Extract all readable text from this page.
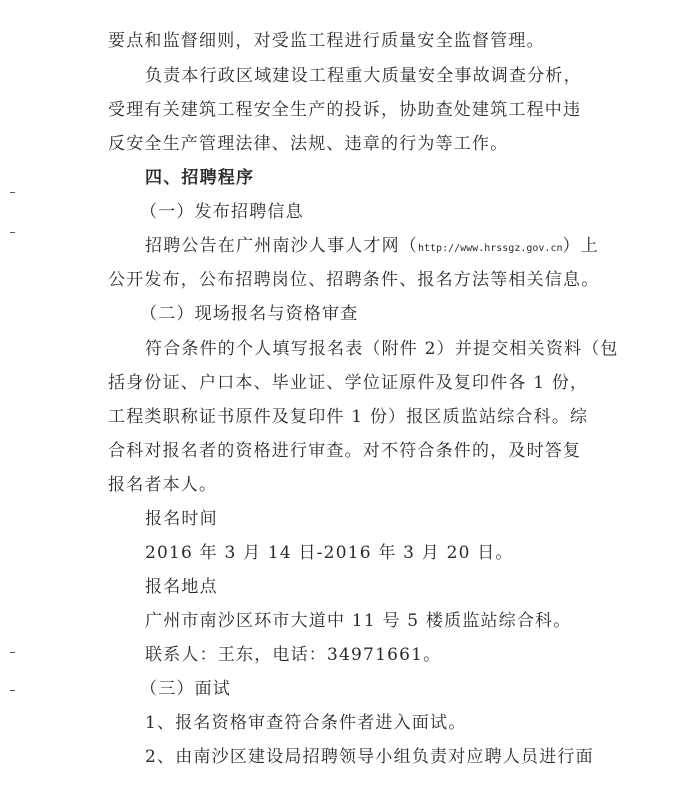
要点和监督细则，对受监工程进行质量安全监督管理。
负责本行政区域建设工程重大质量安全事故调查分析，
受理有关建筑工程安全生产的投诉，协助查处建筑工程中违
反安全生产管理法律、法规、违章的行为等工作。
四、招聘程序
（一）发布招聘信息
招聘公告在广州南沙人事人才网（http://www.hrssgz.gov.cn）上
公开发布，公布招聘岗位、招聘条件、报名方法等相关信息。
（二）现场报名与资格审查
符合条件的个人填写报名表（附件 2）并提交相关资料（包
括身份证、户口本、毕业证、学位证原件及复印件各 1 份，
工程类职称证书原件及复印件 1 份）报区质监站综合科。综
合科对报名者的资格进行审查。对不符合条件的，及时答复
报名者本人。
报名时间
2016 年 3 月 14 日-2016 年 3 月 20 日。
报名地点
广州市南沙区环市大道中 11 号 5 楼质监站综合科。
联系人：王东，电话：34971661。
（三）面试
1、报名资格审查符合条件者进入面试。
2、由南沙区建设局招聘领导小组负责对应聘人员进行面
